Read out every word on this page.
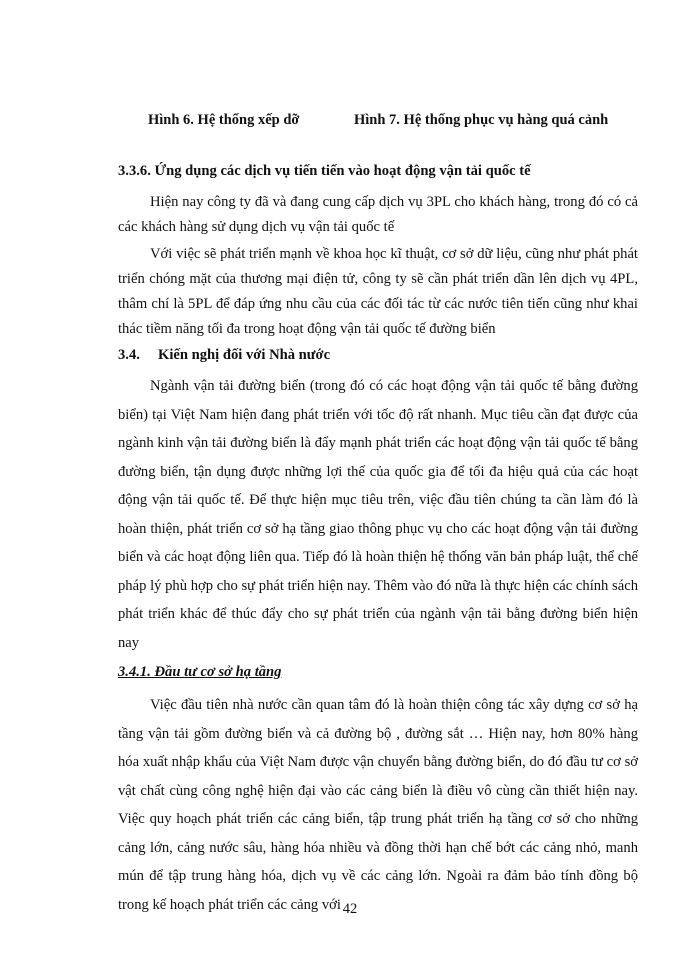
Hình 6. Hệ thống xếp dỡ	Hình 7. Hệ thống phục vụ hàng quá cảnh

3.3.6. Ứng dụng các dịch vụ tiến tiến vào hoạt động vận tải quốc tế

Hiện nay công ty đã và đang cung cấp dịch vụ 3PL cho khách hàng, trong đó có cả các khách hàng sử dụng dịch vụ vận tải quốc tế

Với việc sẽ phát triển mạnh về khoa học kĩ thuật, cơ sở dữ liệu, cũng như phát phát triển chóng mặt của thương mại điện tử, công ty sẽ cần phát triển dần lên dịch vụ 4PL, thâm chí là 5PL để đáp ứng nhu cầu của các đối tác từ các nước tiên tiến cũng như khai thác tiềm năng tối đa trong hoạt động vận tải quốc tế đường biển

3.4. Kiến nghị đối với Nhà nước

Ngành vận tải đường biển (trong đó có các hoạt động vận tải quốc tế bằng đường biển) tại Việt Nam hiện đang phát triển với tốc độ rất nhanh. Mục tiêu cần đạt được của ngành kinh vận tải đường biển là đẩy mạnh phát triển các hoạt động vận tải quốc tế bằng đường biển, tận dụng được những lợi thế của quốc gia để tối đa hiệu quả của các hoạt động vận tải quốc tế. Để thực hiện mục tiêu trên, việc đầu tiên chúng ta cần làm đó là hoàn thiện, phát triển cơ sở hạ tầng giao thông phục vụ cho các hoạt động vận tải đường biển và các hoạt động liên qua. Tiếp đó là hoàn thiện hệ thống văn bản pháp luật, thể chế pháp lý phù hợp cho sự phát triển hiện nay. Thêm vào đó nữa là thực hiện các chính sách phát triển khác để thúc đẩy cho sự phát triển của ngành vận tải bằng đường biển hiện nay

3.4.1. Đầu tư cơ sở hạ tầng

Việc đầu tiên nhà nước cần quan tâm đó là hoàn thiện công tác xây dựng cơ sở hạ tầng vận tải gồm đường biển và cả đường bộ , đường sắt … Hiện nay, hơn 80% hàng hóa xuất nhập khẩu của Việt Nam được vận chuyển bằng đường biển, do đó đầu tư cơ sở vật chất cùng công nghệ hiện đại vào các cảng biển là điều vô cùng cần thiết hiện nay. Việc quy hoạch phát triển các cảng biển, tập trung phát triển hạ tầng cơ sở cho những cảng lớn, cảng nước sâu, hàng hóa nhiều và đồng thời hạn chế bớt các cảng nhỏ, manh mún để tập trung hàng hóa, dịch vụ về các cảng lớn. Ngoài ra đảm bảo tính đồng bộ trong kế hoạch phát triển các cảng với 42
